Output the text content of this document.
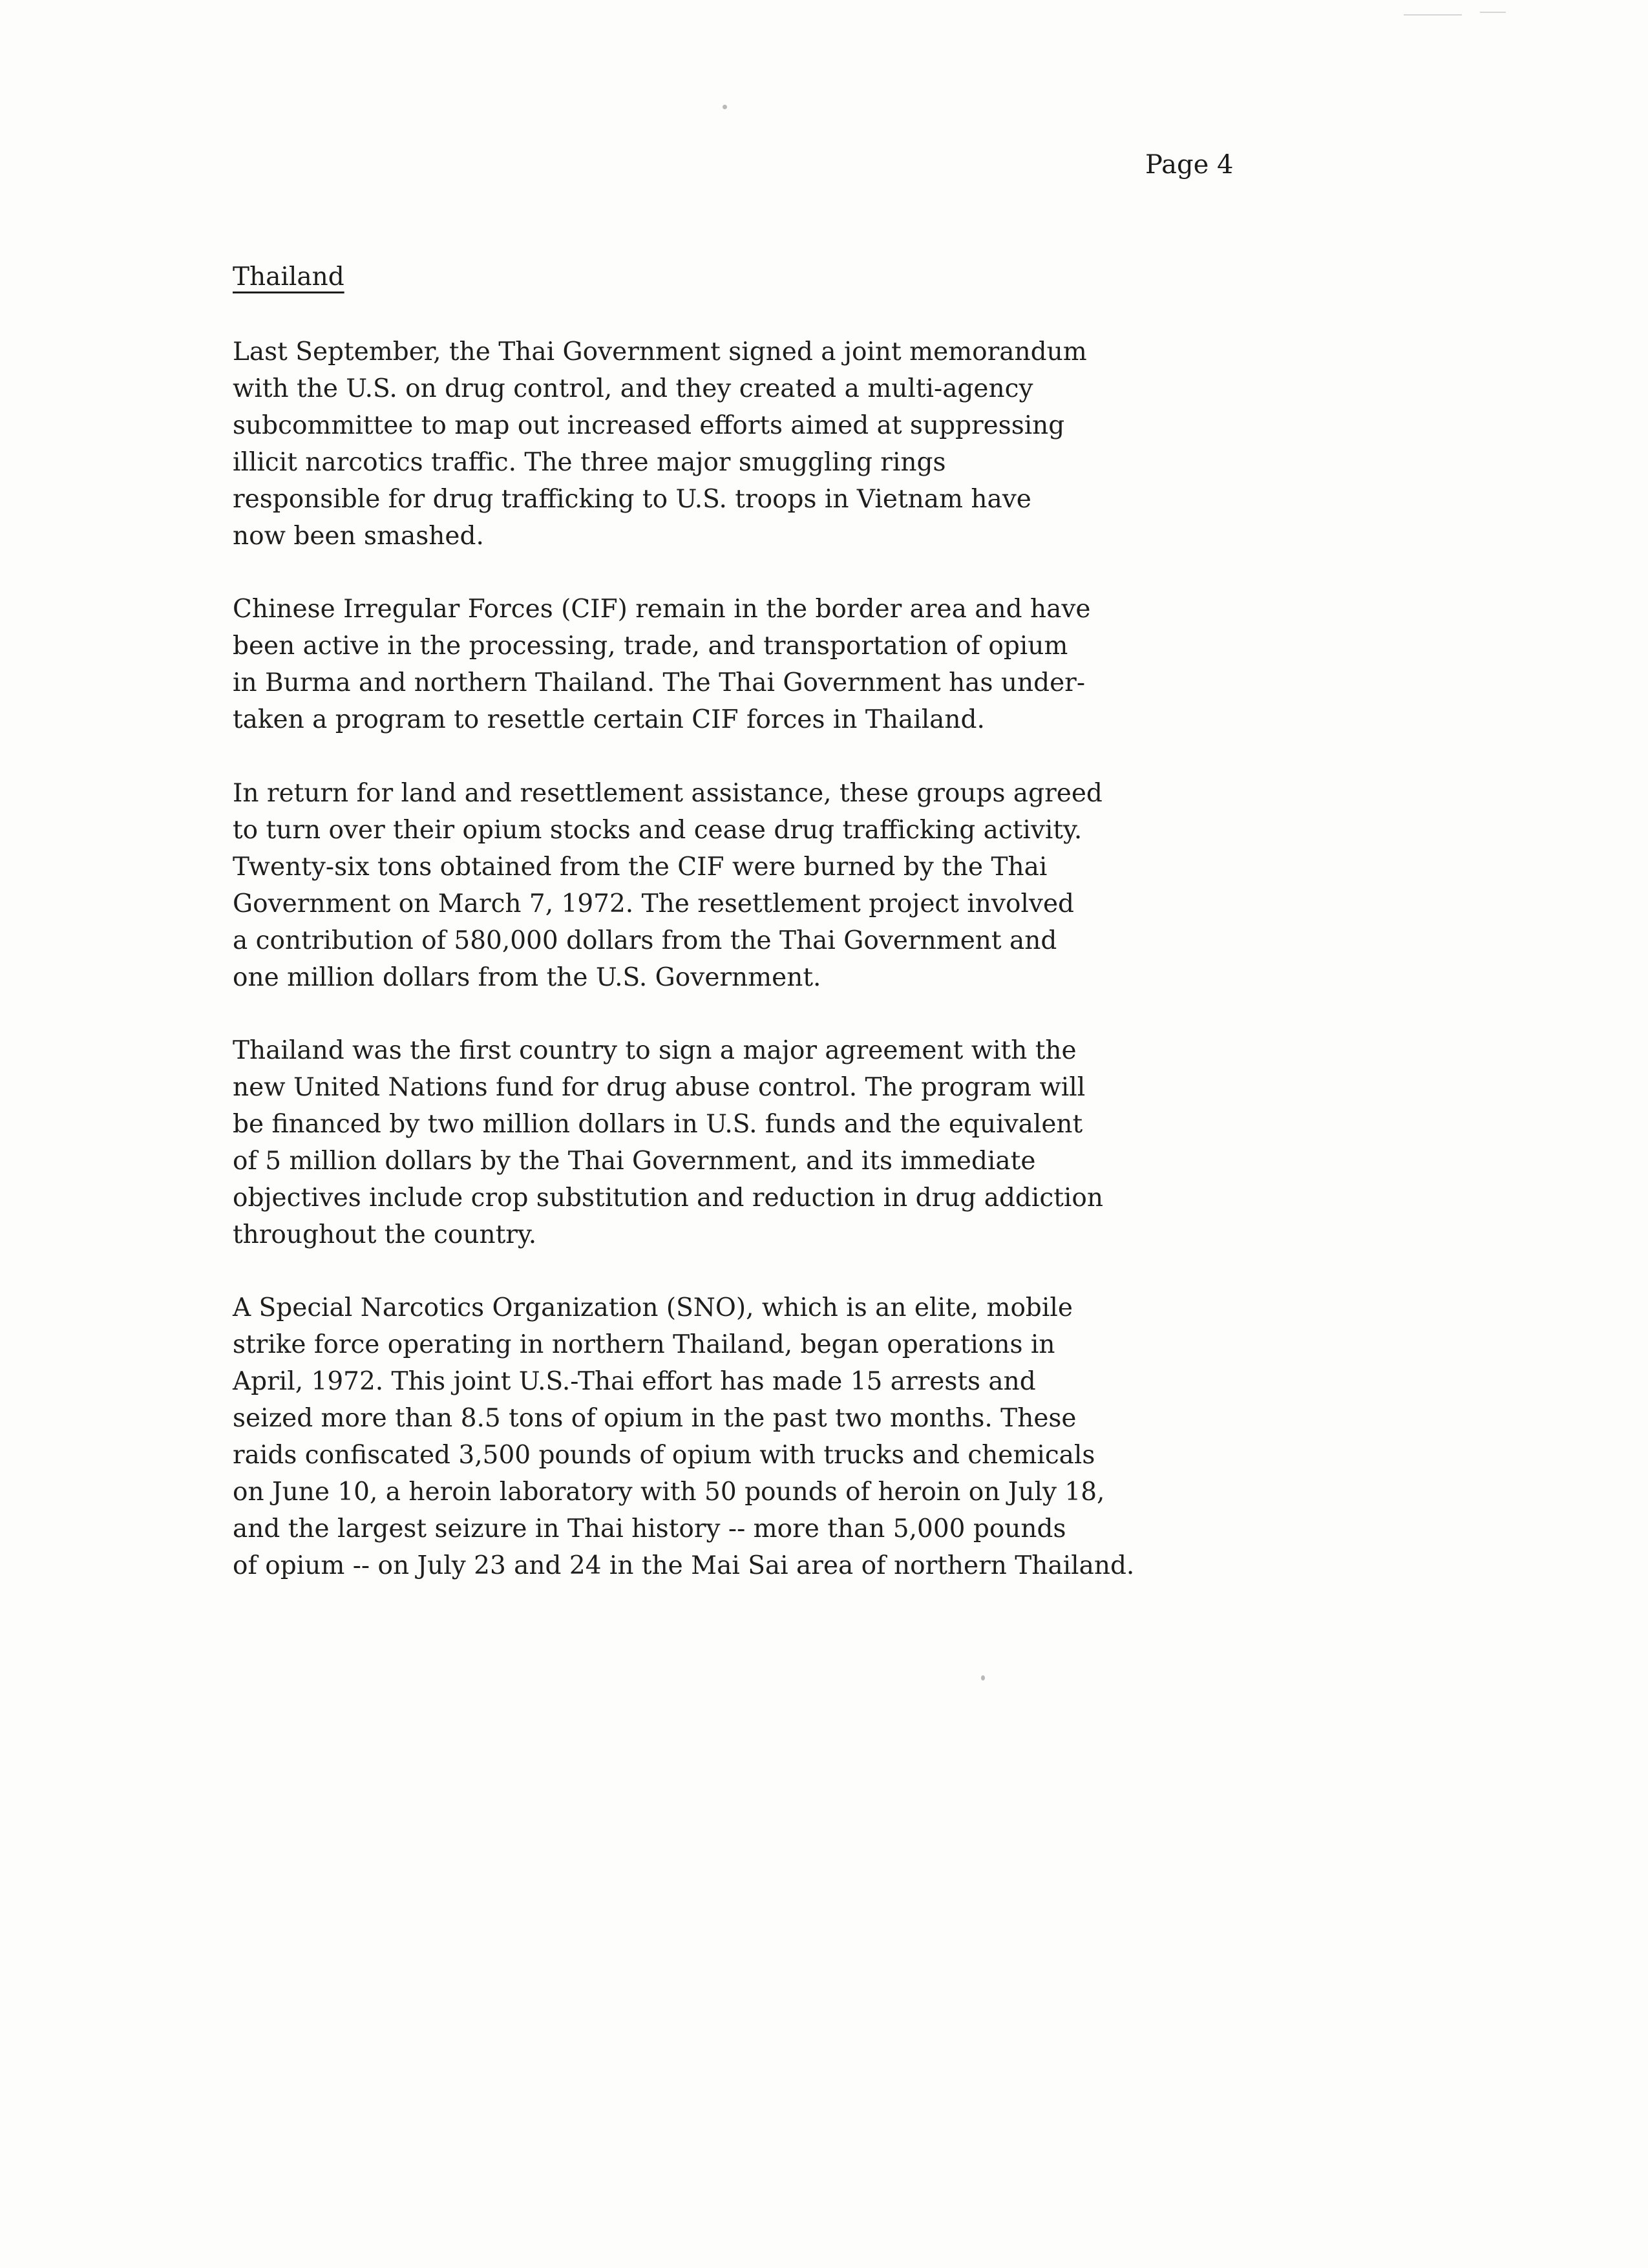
Page 4
Thailand
Last September, the Thai Government signed a joint memorandum
with the U.S. on drug control, and they created a multi-agency
subcommittee to map out increased efforts aimed at suppressing
illicit narcotics traffic. The three major smuggling rings
responsible for drug trafficking to U.S. troops in Vietnam have
now been smashed.
Chinese Irregular Forces (CIF) remain in the border area and have
been active in the processing, trade, and transportation of opium
in Burma and northern Thailand. The Thai Government has under-
taken a program to resettle certain CIF forces in Thailand.
In return for land and resettlement assistance, these groups agreed
to turn over their opium stocks and cease drug trafficking activity.
Twenty-six tons obtained from the CIF were burned by the Thai
Government on March 7, 1972. The resettlement project involved
a contribution of 580,000 dollars from the Thai Government and
one million dollars from the U.S. Government.
Thailand was the first country to sign a major agreement with the
new United Nations fund for drug abuse control. The program will
be financed by two million dollars in U.S. funds and the equivalent
of 5 million dollars by the Thai Government, and its immediate
objectives include crop substitution and reduction in drug addiction
throughout the country.
A Special Narcotics Organization (SNO), which is an elite, mobile
strike force operating in northern Thailand, began operations in
April, 1972. This joint U.S.-Thai effort has made 15 arrests and
seized more than 8.5 tons of opium in the past two months. These
raids confiscated 3,500 pounds of opium with trucks and chemicals
on June 10, a heroin laboratory with 50 pounds of heroin on July 18,
and the largest seizure in Thai history -- more than 5,000 pounds
of opium -- on July 23 and 24 in the Mai Sai area of northern Thailand.
